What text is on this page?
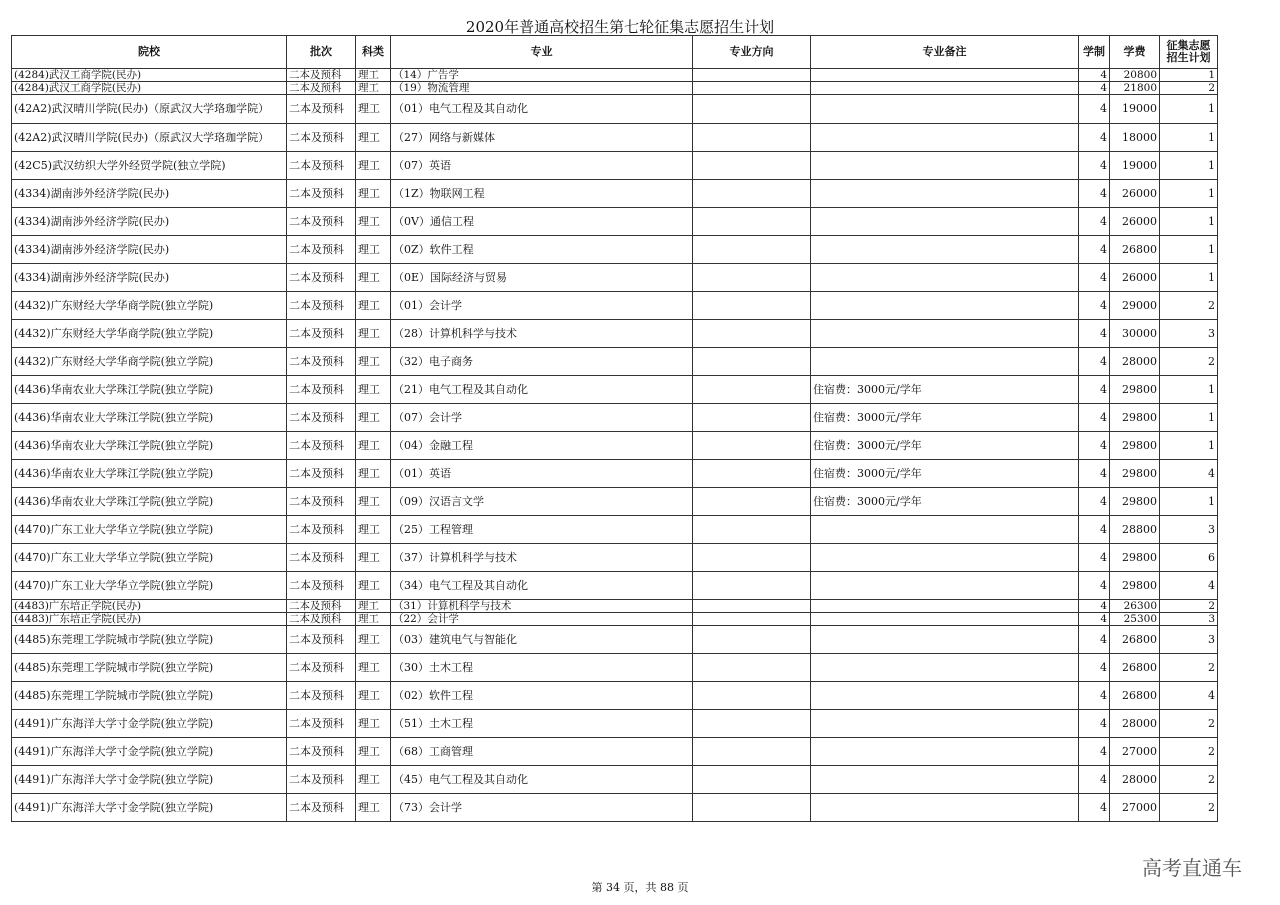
2020年普通高校招生第七轮征集志愿招生计划
院校	批次	科类	专业	专业方向	专业备注	学制	学费	征集志愿招生计划
(4284)武汉工商学院(民办)	二本及预科	理工	（14）广告学			4	20800	1
(4284)武汉工商学院(民办)	二本及预科	理工	（19）物流管理			4	21800	2
(42A2)武汉晴川学院(民办)（原武汉大学珞珈学院）	二本及预科	理工	（01）电气工程及其自动化			4	19000	1
(42A2)武汉晴川学院(民办)（原武汉大学珞珈学院）	二本及预科	理工	（27）网络与新媒体			4	18000	1
(42C5)武汉纺织大学外经贸学院(独立学院)	二本及预科	理工	（07）英语			4	19000	1
(4334)湖南涉外经济学院(民办)	二本及预科	理工	（1Z）物联网工程			4	26000	1
(4334)湖南涉外经济学院(民办)	二本及预科	理工	（0V）通信工程			4	26000	1
(4334)湖南涉外经济学院(民办)	二本及预科	理工	（0Z）软件工程			4	26800	1
(4334)湖南涉外经济学院(民办)	二本及预科	理工	（0E）国际经济与贸易			4	26000	1
(4432)广东财经大学华商学院(独立学院)	二本及预科	理工	（01）会计学			4	29000	2
(4432)广东财经大学华商学院(独立学院)	二本及预科	理工	（28）计算机科学与技术			4	30000	3
(4432)广东财经大学华商学院(独立学院)	二本及预科	理工	（32）电子商务			4	28000	2
(4436)华南农业大学珠江学院(独立学院)	二本及预科	理工	（21）电气工程及其自动化		住宿费：3000元/学年	4	29800	1
(4436)华南农业大学珠江学院(独立学院)	二本及预科	理工	（07）会计学		住宿费：3000元/学年	4	29800	1
(4436)华南农业大学珠江学院(独立学院)	二本及预科	理工	（04）金融工程		住宿费：3000元/学年	4	29800	1
(4436)华南农业大学珠江学院(独立学院)	二本及预科	理工	（01）英语		住宿费：3000元/学年	4	29800	4
(4436)华南农业大学珠江学院(独立学院)	二本及预科	理工	（09）汉语言文学		住宿费：3000元/学年	4	29800	1
(4470)广东工业大学华立学院(独立学院)	二本及预科	理工	（25）工程管理			4	28800	3
(4470)广东工业大学华立学院(独立学院)	二本及预科	理工	（37）计算机科学与技术			4	29800	6
(4470)广东工业大学华立学院(独立学院)	二本及预科	理工	（34）电气工程及其自动化			4	29800	4
(4483)广东培正学院(民办)	二本及预科	理工	（31）计算机科学与技术			4	26300	2
(4483)广东培正学院(民办)	二本及预科	理工	（22）会计学			4	25300	3
(4485)东莞理工学院城市学院(独立学院)	二本及预科	理工	（03）建筑电气与智能化			4	26800	3
(4485)东莞理工学院城市学院(独立学院)	二本及预科	理工	（30）土木工程			4	26800	2
(4485)东莞理工学院城市学院(独立学院)	二本及预科	理工	（02）软件工程			4	26800	4
(4491)广东海洋大学寸金学院(独立学院)	二本及预科	理工	（51）土木工程			4	28000	2
(4491)广东海洋大学寸金学院(独立学院)	二本及预科	理工	（68）工商管理			4	27000	2
(4491)广东海洋大学寸金学院(独立学院)	二本及预科	理工	（45）电气工程及其自动化			4	28000	2
(4491)广东海洋大学寸金学院(独立学院)	二本及预科	理工	（73）会计学			4	27000	2
第 34 页，共 88 页
高考直通车
